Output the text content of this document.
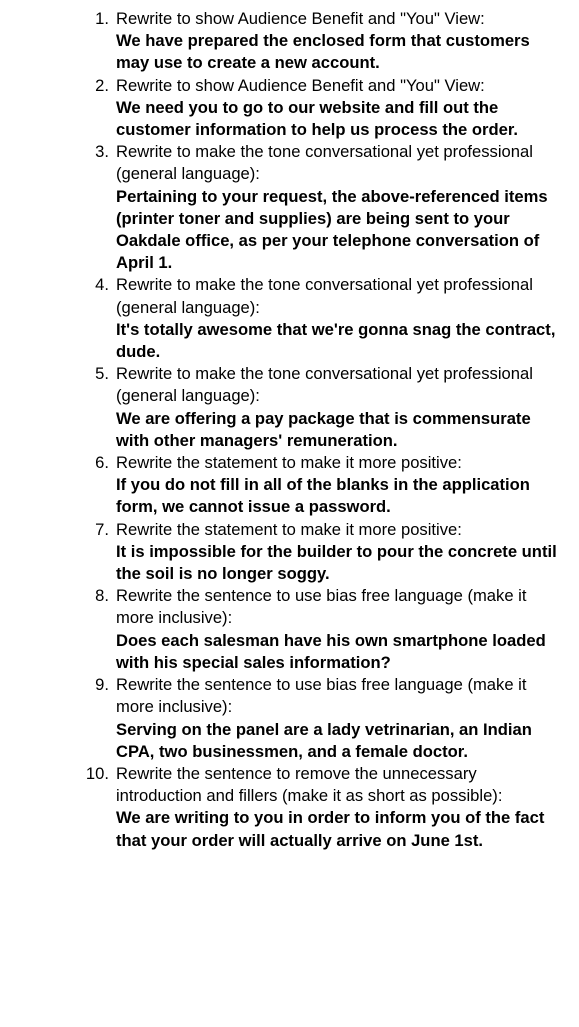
1. Rewrite to show Audience Benefit and "You" View:
We have prepared the enclosed form that customers may use to create a new account.
2. Rewrite to show Audience Benefit and "You" View:
We need you to go to our website and fill out the customer information to help us process the order.
3. Rewrite to make the tone conversational yet professional (general language):
Pertaining to your request, the above-referenced items (printer toner and supplies) are being sent to your Oakdale office, as per your telephone conversation of April 1.
4. Rewrite to make the tone conversational yet professional (general language):
It's totally awesome that we're gonna snag the contract, dude.
5. Rewrite to make the tone conversational yet professional (general language):
We are offering a pay package that is commensurate with other managers' remuneration.
6. Rewrite the statement to make it more positive:
If you do not fill in all of the blanks in the application form, we cannot issue a password.
7. Rewrite the statement to make it more positive:
It is impossible for the builder to pour the concrete until the soil is no longer soggy.
8. Rewrite the sentence to use bias free language (make it more inclusive):
Does each salesman have his own smartphone loaded with his special sales information?
9. Rewrite the sentence to use bias free language (make it more inclusive):
Serving on the panel are a lady vetrinarian, an Indian CPA, two businessmen, and a female doctor.
10. Rewrite the sentence to remove the unnecessary introduction and fillers (make it as short as possible):
We are writing to you in order to inform you of the fact that your order will actually arrive on June 1st.
